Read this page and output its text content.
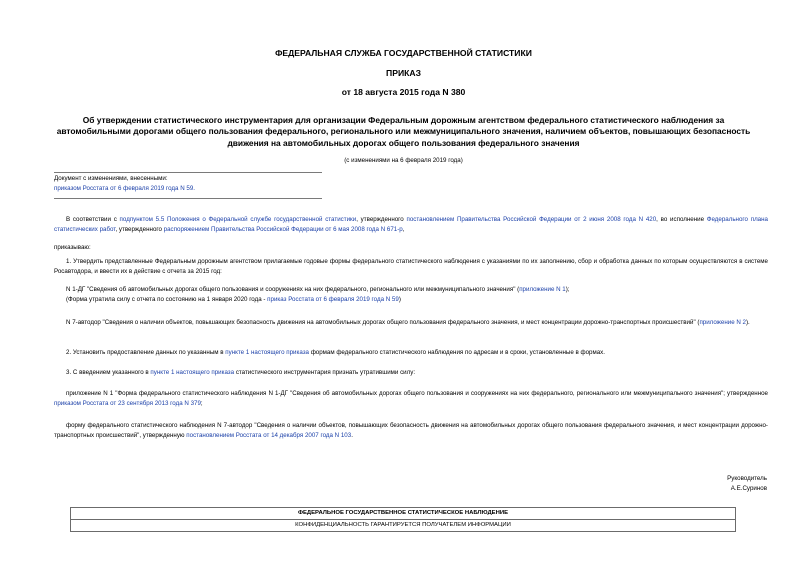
ФЕДЕРАЛЬНАЯ СЛУЖБА ГОСУДАРСТВЕННОЙ СТАТИСТИКИ
ПРИКАЗ
от 18 августа 2015 года N 380
Об утверждении статистического инструментария для организации Федеральным дорожным агентством федерального статистического наблюдения за автомобильными дорогами общего пользования федерального, регионального или межмуниципального значения, наличием объектов, повышающих безопасность движения на автомобильных дорогах общего пользования федерального значения
(с изменениями на 6 февраля 2019 года)
Документ с изменениями, внесенными:
приказом Росстата от 6 февраля 2019 года N 59.
В соответствии с подпунктом 5.5 Положения о Федеральной службе государственной статистики, утвержденного постановлением Правительства Российской Федерации от 2 июня 2008 года N 420, во исполнение Федерального плана статистических работ, утвержденного распоряжением Правительства Российской Федерации от 6 мая 2008 года N 671-р,
приказываю:
1. Утвердить представленные Федеральным дорожным агентством прилагаемые годовые формы федерального статистического наблюдения с указаниями по их заполнению, сбор и обработка данных по которым осуществляются в системе Росавтодора, и ввести их в действие с отчета за 2015 год:
N 1-ДГ "Сведения об автомобильных дорогах общего пользования и сооружениях на них федерального, регионального или межмуниципального значения" (приложение N 1);
(Форма утратила силу с отчета по состоянию на 1 января 2020 года - приказ Росстата от 6 февраля 2019 года N 59)
N 7-автодор "Сведения о наличии объектов, повышающих безопасность движения на автомобильных дорогах общего пользования федерального значения, и мест концентрации дорожно-транспортных происшествий" (приложение N 2).
2. Установить предоставление данных по указанным в пункте 1 настоящего приказа формам федерального статистического наблюдения по адресам и в сроки, установленные в формах.
3. С введением указанного в пункте 1 настоящего приказа статистического инструментария признать утратившими силу:
приложение N 1 "Форма федерального статистического наблюдения N 1-ДГ "Сведения об автомобильных дорогах общего пользования и сооружениях на них федерального, регионального или межмуниципального значения"; утвержденное приказом Росстата от 23 сентября 2013 года N 379;
форму федерального статистического наблюдения N 7-автодор "Сведения о наличии объектов, повышающих безопасность движения на автомобильных дорогах общего пользования федерального значения, и мест концентрации дорожно-транспортных происшествий", утвержденную постановлением Росстата от 14 декабря 2007 года N 103.
Руководитель
А.Е.Суринов
ФЕДЕРАЛЬНОЕ ГОСУДАРСТВЕННОЕ СТАТИСТИЧЕСКОЕ НАБЛЮДЕНИЕ
КОНФИДЕНЦИАЛЬНОСТЬ ГАРАНТИРУЕТСЯ ПОЛУЧАТЕЛЕМ ИНФОРМАЦИИ
